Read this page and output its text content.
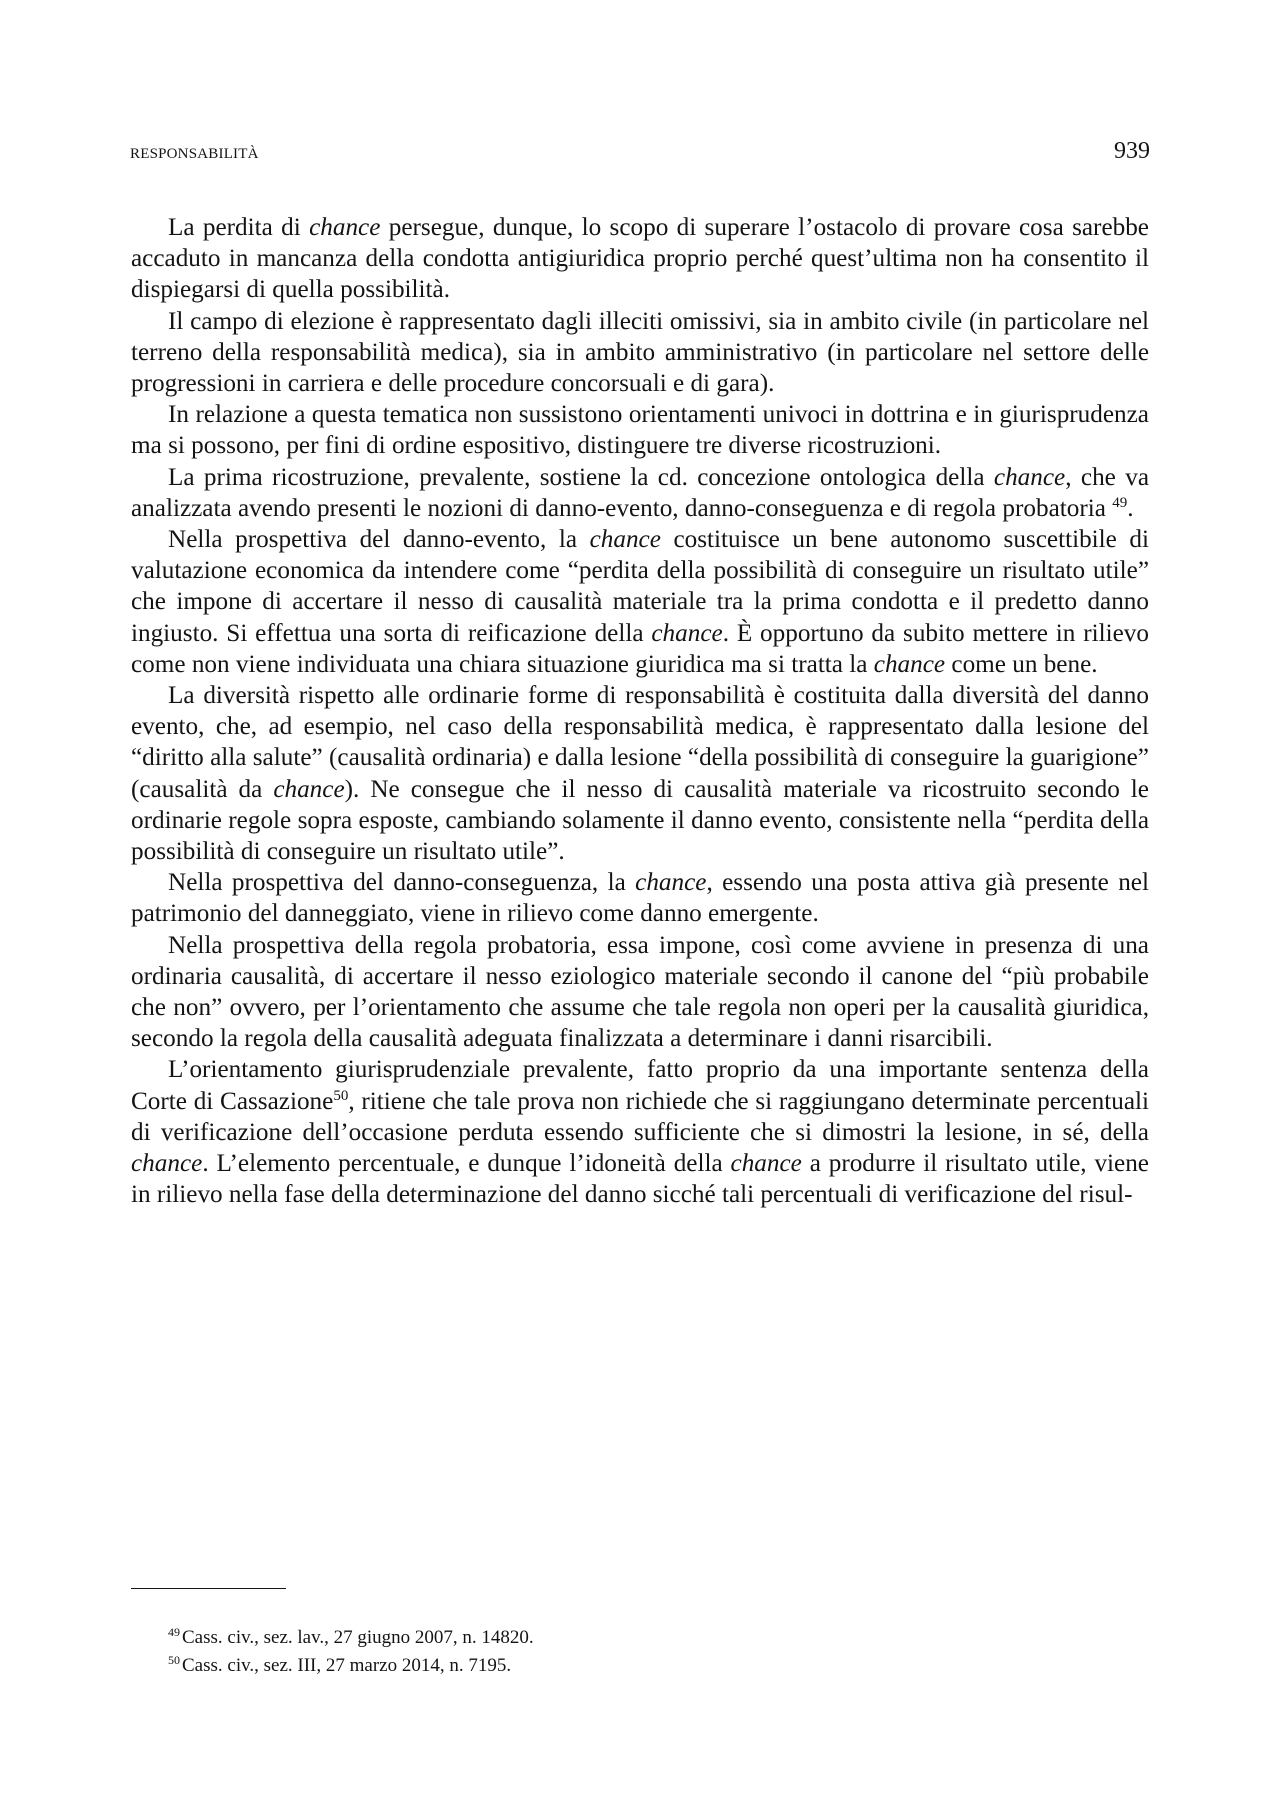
RESPONSABILITÀ	939

La perdita di chance persegue, dunque, lo scopo di superare l’ostacolo di provare cosa sarebbe accaduto in mancanza della condotta antigiuridica proprio perché quest’ultima non ha consentito il dispiegarsi di quella possibilità.

Il campo di elezione è rappresentato dagli illeciti omissivi, sia in ambito civile (in particolare nel terreno della responsabilità medica), sia in ambito amministrativo (in particolare nel settore delle progressioni in carriera e delle procedure concorsuali e di gara).

In relazione a questa tematica non sussistono orientamenti univoci in dottrina e in giurisprudenza ma si possono, per fini di ordine espositivo, distinguere tre diverse ricostruzioni.

La prima ricostruzione, prevalente, sostiene la cd. concezione ontologica della chance, che va analizzata avendo presenti le nozioni di danno-evento, danno-conseguenza e di regola probatoria $^{49}$.

Nella prospettiva del danno-evento, la chance costituisce un bene autonomo suscettibile di valutazione economica da intendere come “perdita della possibilità di conseguire un risultato utile” che impone di accertare il nesso di causalità materiale tra la prima condotta e il predetto danno ingiusto. Si effettua una sorta di reificazione della chance. È opportuno da subito mettere in rilievo come non viene individuata una chiara situazione giuridica ma si tratta la chance come un bene.

La diversità rispetto alle ordinarie forme di responsabilità è costituita dalla diversità del danno evento, che, ad esempio, nel caso della responsabilità medica, è rappresentato dalla lesione del “diritto alla salute” (causalità ordinaria) e dalla lesione “della possibilità di conseguire la guarigione” (causalità da chance). Ne consegue che il nesso di causalità materiale va ricostruito secondo le ordinarie regole sopra esposte, cambiando solamente il danno evento, consistente nella “perdita della possibilità di conseguire un risultato utile”.

Nella prospettiva del danno-conseguenza, la chance, essendo una posta attiva già presente nel patrimonio del danneggiato, viene in rilievo come danno emergente.

Nella prospettiva della regola probatoria, essa impone, così come avviene in presenza di una ordinaria causalità, di accertare il nesso eziologico materiale secondo il canone del “più probabile che non” ovvero, per l’orientamento che assume che tale regola non operi per la causalità giuridica, secondo la regola della causalità adeguata finalizzata a determinare i danni risarcibili.

L’orientamento giurisprudenziale prevalente, fatto proprio da una importante sentenza della Corte di Cassazione$^{50}$, ritiene che tale prova non richiede che si raggiungano determinate percentuali di verificazione dell’occasione perduta essendo sufficiente che si dimostri la lesione, in sé, della chance. L’elemento percentuale, e dunque l’idoneità della chance a produrre il risultato utile, viene in rilievo nella fase della determinazione del danno sicché tali percentuali di verificazione del risul-

$^{49}$ Cass. civ., sez. lav., 27 giugno 2007, n. 14820.

$^{50}$ Cass. civ., sez. III, 27 marzo 2014, n. 7195.
